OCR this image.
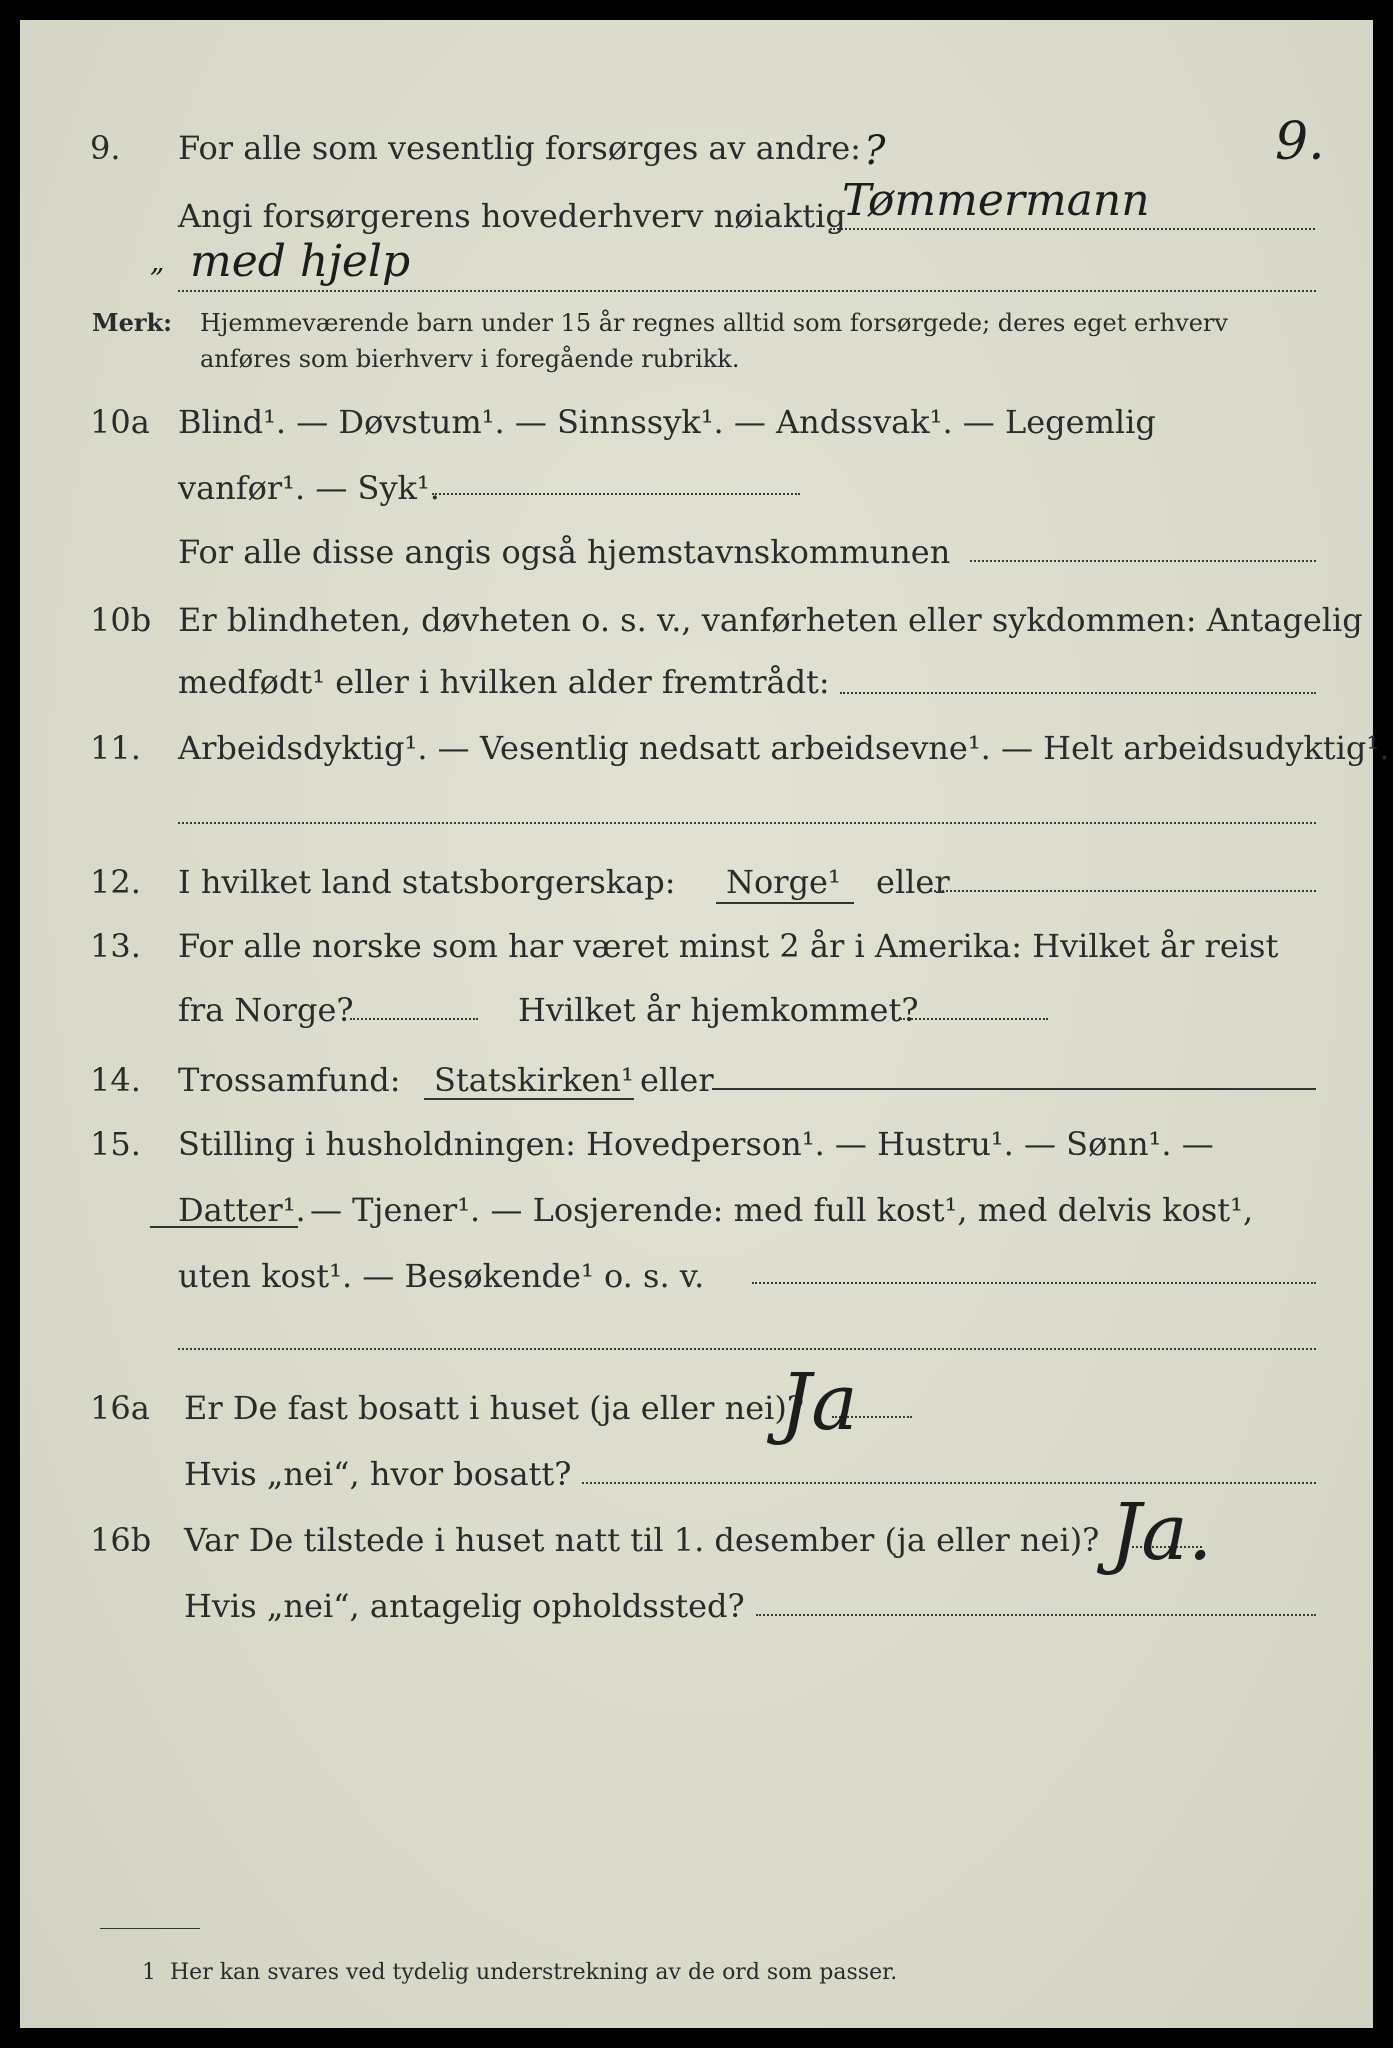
9. For alle som vesentlig forsørges av andre: ?	9.
Angi forsørgerens hovederhverv nøiaktig
Tømmermann
„ med hjelp
Merk: Hjemmeværende barn under 15 år regnes alltid som forsørgede; deres eget erhverv
anføres som bierhverv i foregående rubrikk.
10a Blind¹. — Døvstum¹. — Sinnssyk¹. — Andssvak¹. — Legemlig
vanfør¹. — Syk¹.
For alle disse angis også hjemstavnskommunen
10b Er blindheten, døvheten o. s. v., vanførheten eller sykdommen: Antagelig
medfødt¹ eller i hvilken alder fremtrådt:
11. Arbeidsdyktig¹. — Vesentlig nedsatt arbeidsevne¹. — Helt arbeidsudyktig¹.
12. I hvilket land statsborgerskap: Norge¹ eller
13. For alle norske som har været minst 2 år i Amerika: Hvilket år reist
fra Norge?	Hvilket år hjemkommet?
14. Trossamfund: Statskirken¹ eller
15. Stilling i husholdningen: Hovedperson¹. — Hustru¹. — Sønn¹. —
Datter¹. — Tjener¹. — Losjerende: med full kost¹, med delvis kost¹,
uten kost¹. — Besøkende¹ o. s. v.
16a Er De fast bosatt i huset (ja eller nei)?
Ja
Hvis „nei“, hvor bosatt?
16b Var De tilstede i huset natt til 1. desember (ja eller nei)? Ja.
Hvis „nei“, antagelig opholdssted?
1 Her kan svares ved tydelig understrekning av de ord som passer.
